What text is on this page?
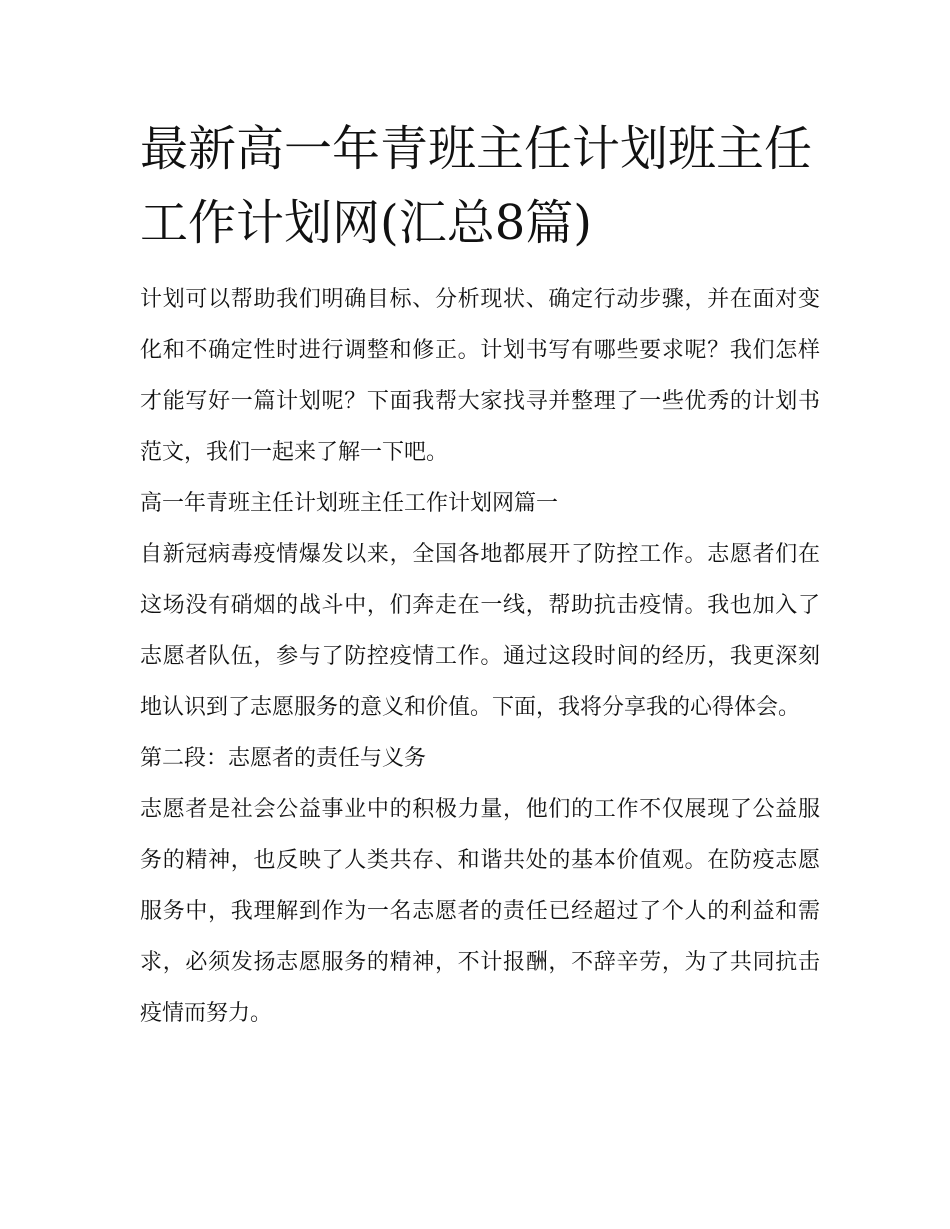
最新高一年青班主任计划班主任工作计划网(汇总8篇)

计划可以帮助我们明确目标、分析现状、确定行动步骤，并在面对变化和不确定性时进行调整和修正。计划书写有哪些要求呢？我们怎样才能写好一篇计划呢？下面我帮大家找寻并整理了一些优秀的计划书范文，我们一起来了解一下吧。

高一年青班主任计划班主任工作计划网篇一

自新冠病毒疫情爆发以来，全国各地都展开了防控工作。志愿者们在这场没有硝烟的战斗中，们奔走在一线，帮助抗击疫情。我也加入了志愿者队伍，参与了防控疫情工作。通过这段时间的经历，我更深刻地认识到了志愿服务的意义和价值。下面，我将分享我的心得体会。

第二段：志愿者的责任与义务

志愿者是社会公益事业中的积极力量，他们的工作不仅展现了公益服务的精神，也反映了人类共存、和谐共处的基本价值观。在防疫志愿服务中，我理解到作为一名志愿者的责任已经超过了个人的利益和需求，必须发扬志愿服务的精神，不计报酬，不辞辛劳，为了共同抗击疫情而努力。
